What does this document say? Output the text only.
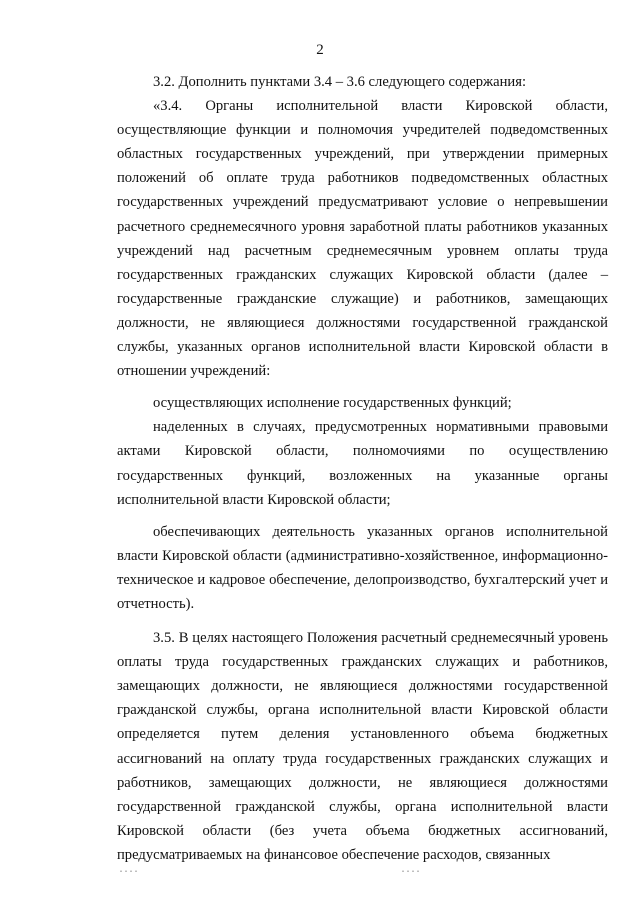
2

3.2. Дополнить пунктами 3.4 – 3.6 следующего содержания:

«3.4. Органы исполнительной власти Кировской области, осуществляющие функции и полномочия учредителей подведомственных областных государственных учреждений, при утверждении примерных положений об оплате труда работников подведомственных областных государственных учреждений предусматривают условие о непревышении расчетного среднемесячного уровня заработной платы работников указанных учреждений над расчетным среднемесячным уровнем оплаты труда государственных гражданских служащих Кировской области (далее – государственные гражданские служащие) и работников, замещающих должности, не являющиеся должностями государственной гражданской службы, указанных органов исполнительной власти Кировской области в отношении учреждений:

осуществляющих исполнение государственных функций;

наделенных в случаях, предусмотренных нормативными правовыми актами Кировской области, полномочиями по осуществлению государственных функций, возложенных на указанные органы исполнительной власти Кировской области;

обеспечивающих деятельность указанных органов исполнительной власти Кировской области (административно-хозяйственное, информационно-техническое и кадровое обеспечение, делопроизводство, бухгалтерский учет и отчетность).

3.5. В целях настоящего Положения расчетный среднемесячный уровень оплаты труда государственных гражданских служащих и работников, замещающих должности, не являющиеся должностями государственной гражданской службы, органа исполнительной власти Кировской области определяется путем деления установленного объема бюджетных ассигнований на оплату труда государственных гражданских служащих и работников, замещающих должности, не являющиеся должностями государственной гражданской службы, органа исполнительной власти Кировской области (без учета объема бюджетных ассигнований, предусматриваемых на финансовое обеспечение расходов, связанных

....	....
